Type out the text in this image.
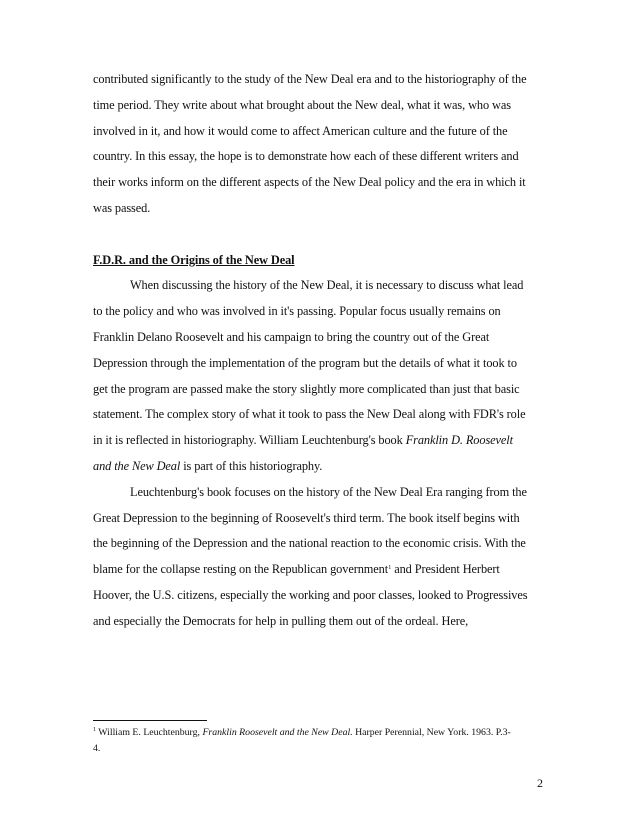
contributed significantly to the study of the New Deal era and to the historiography of the
time period. They write about what brought about the New deal, what it was, who was
involved in it, and how it would come to affect American culture and the future of the
country. In this essay, the hope is to demonstrate how each of these different writers and
their works inform on the different aspects of the New Deal policy and the era in which it
was passed.
F.D.R. and the Origins of the New Deal
When discussing the history of the New Deal, it is necessary to discuss what lead
to the policy and who was involved in it's passing. Popular focus usually remains on
Franklin Delano Roosevelt and his campaign to bring the country out of the Great
Depression through the implementation of the program but the details of what it took to
get the program are passed make the story slightly more complicated than just that basic
statement. The complex story of what it took to pass the New Deal along with FDR's role
in it is reflected in historiography. William Leuchtenburg's book Franklin D. Roosevelt
and the New Deal is part of this historiography.
Leuchtenburg's book focuses on the history of the New Deal Era ranging from the
Great Depression to the beginning of Roosevelt's third term. The book itself begins with
the beginning of the Depression and the national reaction to the economic crisis. With the
blame for the collapse resting on the Republican government$^1$ and President Herbert
Hoover, the U.S. citizens, especially the working and poor classes, looked to Progressives
and especially the Democrats for help in pulling them out of the ordeal. Here,
$^1$ William E. Leuchtenburg, Franklin Roosevelt and the New Deal. Harper Perennial, New York. 1963. P.3-
4.
2
